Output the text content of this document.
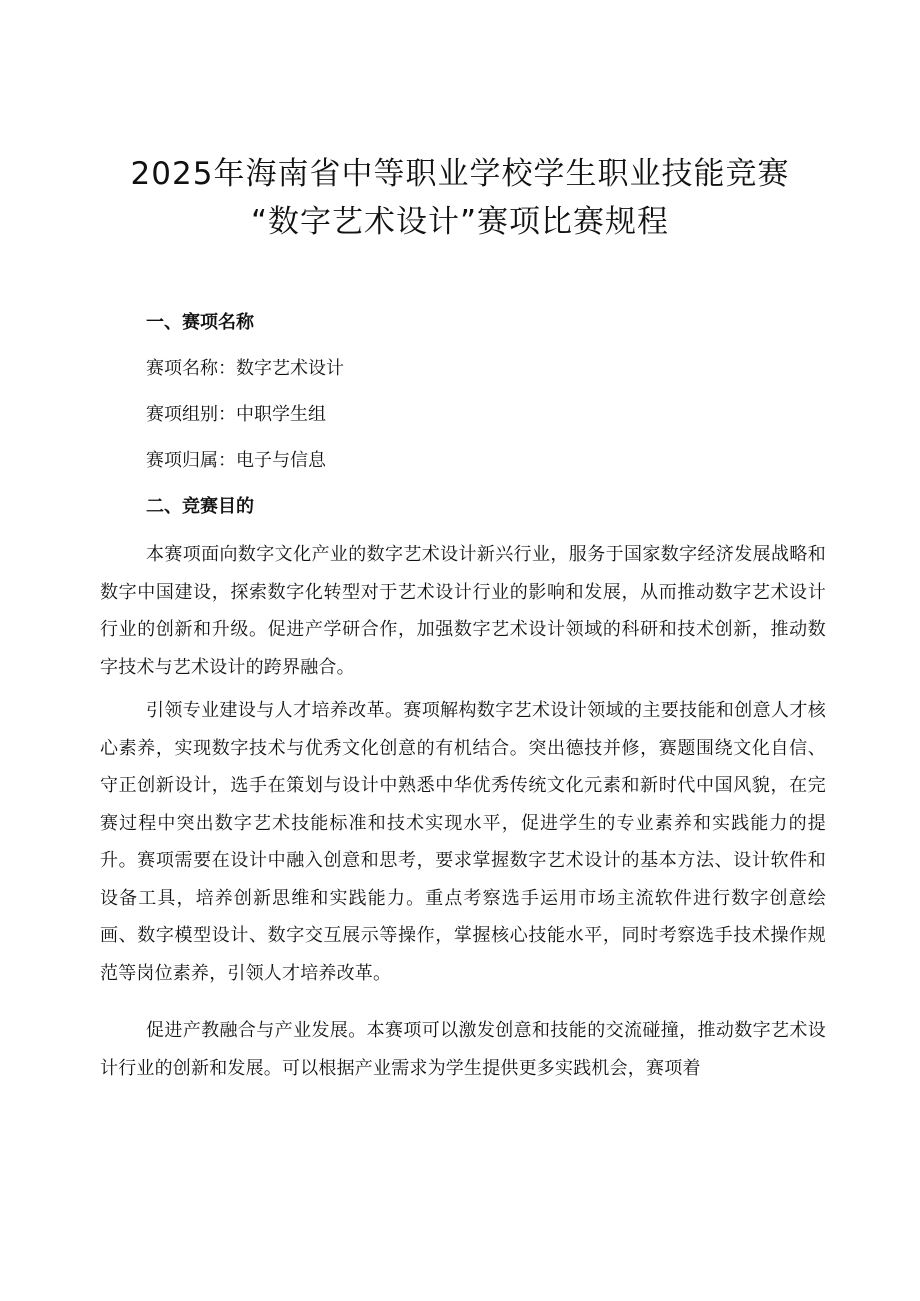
2025年海南省中等职业学校学生职业技能竞赛
“数字艺术设计”赛项比赛规程

一、赛项名称

赛项名称：数字艺术设计

赛项组别：中职学生组

赛项归属：电子与信息

二、竞赛目的

本赛项面向数字文化产业的数字艺术设计新兴行业，服务于国家数字经济发展战略和数字中国建设，探索数字化转型对于艺术设计行业的影响和发展，从而推动数字艺术设计行业的创新和升级。促进产学研合作，加强数字艺术设计领域的科研和技术创新，推动数字技术与艺术设计的跨界融合。

引领专业建设与人才培养改革。赛项解构数字艺术设计领域的主要技能和创意人才核心素养，实现数字技术与优秀文化创意的有机结合。突出德技并修，赛题围绕文化自信、守正创新设计，选手在策划与设计中熟悉中华优秀传统文化元素和新时代中国风貌，在完赛过程中突出数字艺术技能标准和技术实现水平，促进学生的专业素养和实践能力的提升。赛项需要在设计中融入创意和思考，要求掌握数字艺术设计的基本方法、设计软件和设备工具，培养创新思维和实践能力。重点考察选手运用市场主流软件进行数字创意绘画、数字模型设计、数字交互展示等操作，掌握核心技能水平，同时考察选手技术操作规范等岗位素养，引领人才培养改革。

促进产教融合与产业发展。本赛项可以激发创意和技能的交流碰撞，推动数字艺术设计行业的创新和发展。可以根据产业需求为学生提供更多实践机会，赛项着
